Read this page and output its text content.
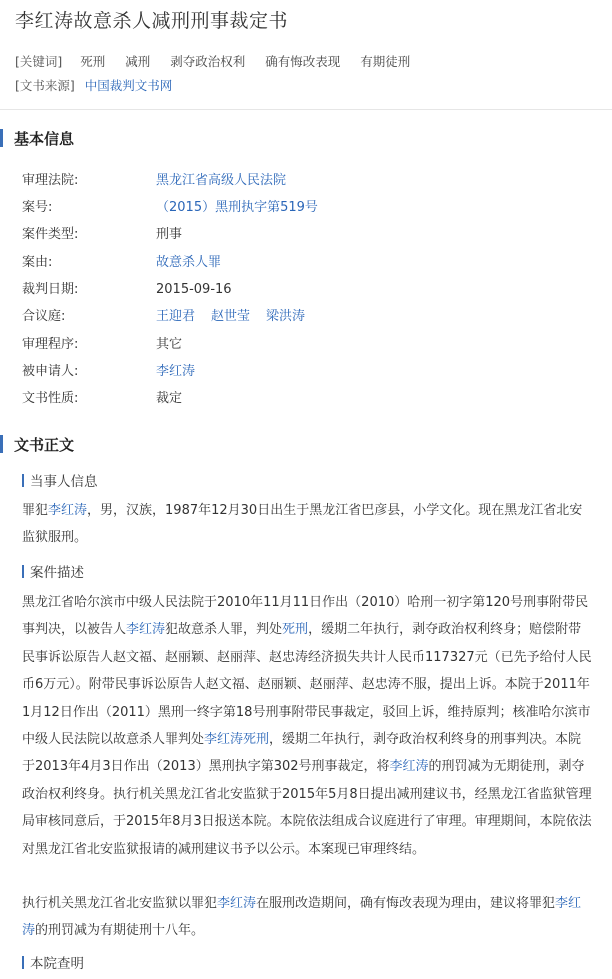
李红涛故意杀人减刑刑事裁定书
[关键词] 死刑 减刑 剥夺政治权利 确有悔改表现 有期徒刑
[文书来源] 中国裁判文书网
基本信息
审理法院:	黑龙江省高级人民法院
案号:	（2015）黑刑执字第519号
案件类型:	刑事
案由:	故意杀人罪
裁判日期:	2015-09-16
合议庭:	王迎君 赵世莹 梁洪涛
审理程序:	其它
被申请人:	李红涛
文书性质:	裁定
文书正文
当事人信息
罪犯李红涛，男，汉族，1987年12月30日出生于黑龙江省巴彦县，小学文化。现在黑龙江省北安监狱服刑。
案件描述
黑龙江省哈尔滨市中级人民法院于2010年11月11日作出（2010）哈刑一初字第120号刑事附带民事判决，以被告人李红涛犯故意杀人罪，判处死刑，缓期二年执行，剥夺政治权利终身；赔偿附带民事诉讼原告人赵文福、赵丽颖、赵丽萍、赵忠涛经济损失共计人民币117327元（已先予给付人民币6万元）。附带民事诉讼原告人赵文福、赵丽颖、赵丽萍、赵忠涛不服，提出上诉。本院于2011年1月12日作出（2011）黑刑一终字第18号刑事附带民事裁定，驳回上诉，维持原判；核准哈尔滨市中级人民法院以故意杀人罪判处李红涛死刑，缓期二年执行，剥夺政治权利终身的刑事判决。本院于2013年4月3日作出（2013）黑刑执字第302号刑事裁定，将李红涛的刑罚减为无期徒刑，剥夺政治权利终身。执行机关黑龙江省北安监狱于2015年5月8日提出减刑建议书，经黑龙江省监狱管理局审核同意后，于2015年8月3日报送本院。本院依法组成合议庭进行了审理。审理期间，本院依法对黑龙江省北安监狱报请的减刑建议书予以公示。本案现已审理终结。
执行机关黑龙江省北安监狱以罪犯李红涛在服刑改造期间，确有悔改表现为理由，建议将罪犯李红涛的刑罚减为有期徒刑十八年。
本院查明
